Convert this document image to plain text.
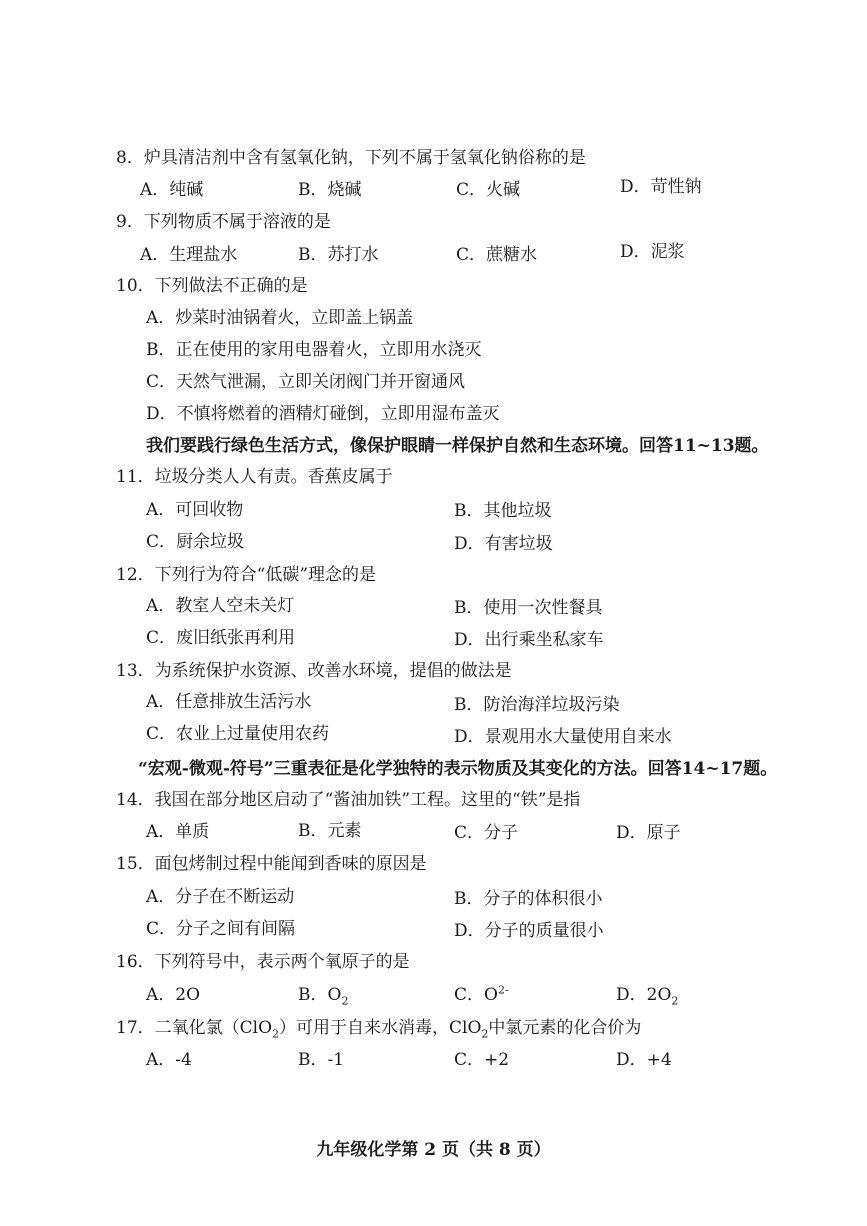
8．炉具清洁剂中含有氢氧化钠，下列不属于氢氧化钠俗称的是
A．纯碱	B．烧碱	C．火碱	D．苛性钠
9．下列物质不属于溶液的是
A．生理盐水	B．苏打水	C．蔗糖水	D．泥浆
10．下列做法不正确的是
A．炒菜时油锅着火，立即盖上锅盖
B．正在使用的家用电器着火，立即用水浇灭
C．天然气泄漏，立即关闭阀门并开窗通风
D．不慎将燃着的酒精灯碰倒，立即用湿布盖灭
我们要践行绿色生活方式，像保护眼睛一样保护自然和生态环境。回答11~13题。
11．垃圾分类人人有责。香蕉皮属于
A．可回收物	B．其他垃圾
C．厨余垃圾	D．有害垃圾
12．下列行为符合“低碳”理念的是
A．教室人空未关灯	B．使用一次性餐具
C．废旧纸张再利用	D．出行乘坐私家车
13．为系统保护水资源、改善水环境，提倡的做法是
A．任意排放生活污水	B．防治海洋垃圾污染
C．农业上过量使用农药	D．景观用水大量使用自来水
“宏观-微观-符号”三重表征是化学独特的表示物质及其变化的方法。回答14~17题。
14．我国在部分地区启动了“酱油加铁”工程。这里的“铁”是指
A．单质	B．元素	C．分子	D．原子
15．面包烤制过程中能闻到香味的原因是
A．分子在不断运动	B．分子的体积很小
C．分子之间有间隔	D．分子的质量很小
16．下列符号中，表示两个氧原子的是
A．2O	B．$O_2$	C．$O^{2-}$	D．$2O_2$
17．二氧化氯（ClO$_2$）可用于自来水消毒，ClO$_2$中氯元素的化合价为
A．-4	B．-1	C．+2	D．+4
九年级化学第 2 页（共 8 页）
